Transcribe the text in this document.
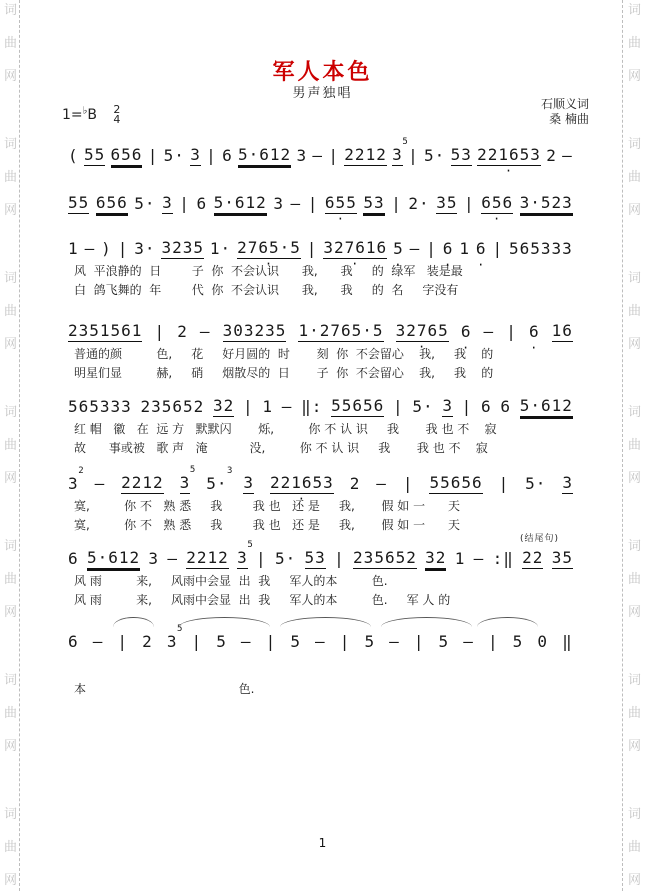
词
曲
网
词
曲
网
词
曲
网
词
曲
网
词
曲
网
词
曲
网
词
曲
网
词
曲
网
词
曲
网
词
曲
网
词
曲
网
词
曲
网
词
曲
网
词
曲
网
军人本色
男声独唱
1=♭B 2
4
石顺义词
桑 楠曲
( 55 656 | 5· 3 | 6 5·612 3 — | 2212 3
5
| 5· 53 221653 · 2 —
55 656 5· 3 | 6 5·612 3 — | 655 · 53 | 2· 35 | 656 · 3·523
1 — ) | 3· 3235 1· 2765·5 · | 327616 · 5 · — | 6 · 1 6 · | 565333
风  平浪静的  日        子  你  不会认识      我,      我     的  绿军   装是最
白  鸽飞舞的  年        代  你  不会认识      我,      我     的  名     字没有
2351561 | 2 — 303235 1·2765·5 32765 · 6 · — | 6 · 16
普通的颜         色,     花     好月圆的  时       刻  你  不会留心    我,     我    的
明星们显         赫,     硝     烟散尽的  日       子  你  不会留心    我,     我    的
565333 235652 32 | 1 — ‖: 55656 | 5· 3 | 6 6 5·612
红 帽   徽   在  远 方   默默闪       烁,         你 不 认 识     我       我 也 不    寂
故      事或被   歌 声   淹           没,         你 不 认 识     我       我 也 不    寂
3
2
— 2212 3
5
5·
3
3 221653 · 2 — | 55656 | 5· 3
寞,         你 不   熟 悉     我        我 也   还 是     我,       假 如 一      天
寞,         你 不   熟 悉     我        我 也   还 是     我,       假 如 一      天
6 5·612 3 — 2212 3
5
| 5· 53 | 235652 32 1 — :‖ 22 35
风 雨         来,     风雨中会显  出  我     军人的本         色.
风 雨         来,     风雨中会显  出  我     军人的本         色.     军 人 的
6 — | 2 3
5
| 5 — | 5 — | 5 — | 5 — | 5 0 ‖
本                                        色.
(结尾句)
1
